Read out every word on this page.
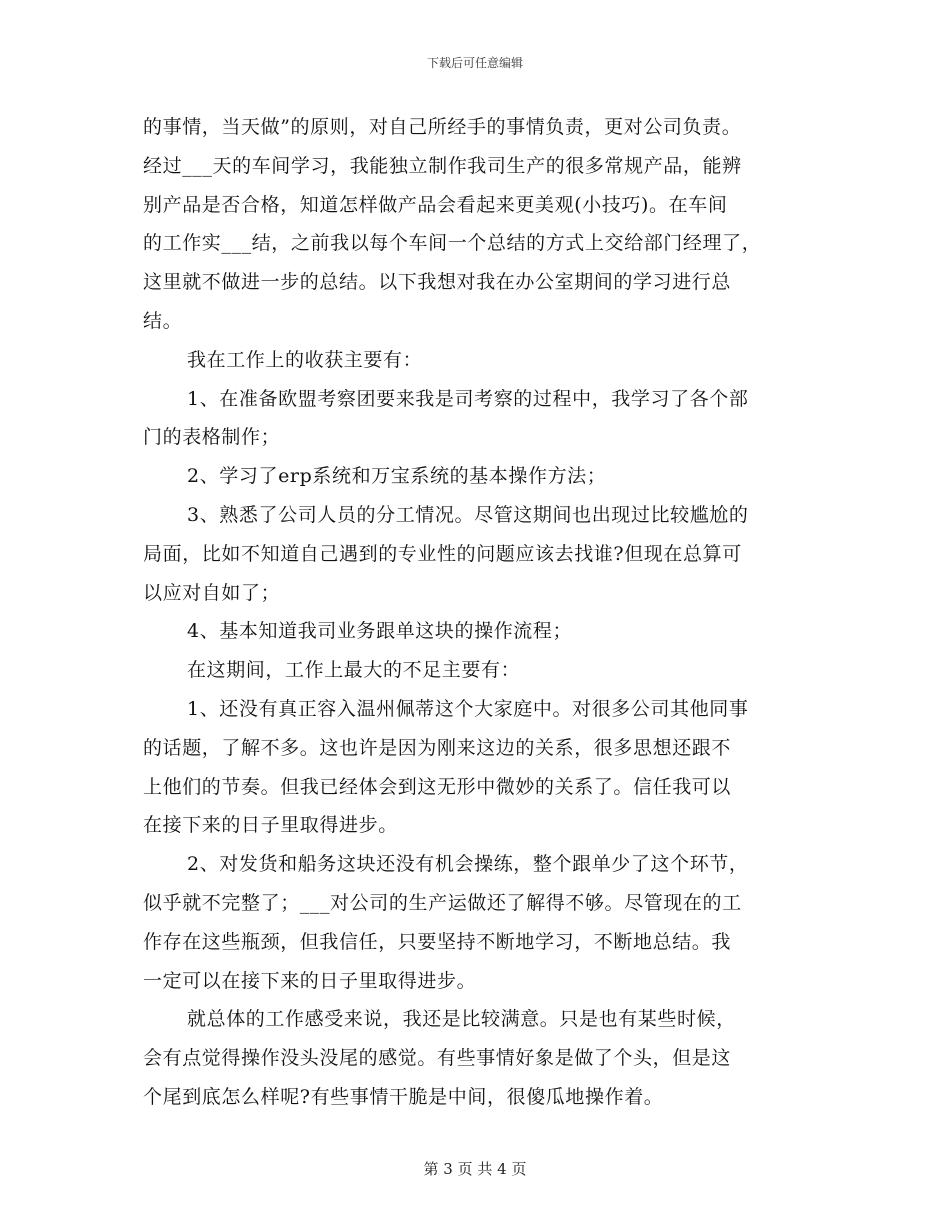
下载后可任意编辑
的事情，当天做”的原则，对自己所经手的事情负责，更对公司负责。
经过___天的车间学习，我能独立制作我司生产的很多常规产品，能辨
别产品是否合格，知道怎样做产品会看起来更美观(小技巧)。在车间
的工作实___结，之前我以每个车间一个总结的方式上交给部门经理了，
这里就不做进一步的总结。以下我想对我在办公室期间的学习进行总
结。
我在工作上的收获主要有：
1、在准备欧盟考察团要来我是司考察的过程中，我学习了各个部
门的表格制作；
2、学习了erp系统和万宝系统的基本操作方法；
3、熟悉了公司人员的分工情况。尽管这期间也出现过比较尴尬的
局面，比如不知道自己遇到的专业性的问题应该去找谁?但现在总算可
以应对自如了；
4、基本知道我司业务跟单这块的操作流程；
在这期间，工作上最大的不足主要有：
1、还没有真正容入温州佩蒂这个大家庭中。对很多公司其他同事
的话题，了解不多。这也许是因为刚来这边的关系，很多思想还跟不
上他们的节奏。但我已经体会到这无形中微妙的关系了。信任我可以
在接下来的日子里取得进步。
2、对发货和船务这块还没有机会操练，整个跟单少了这个环节，
似乎就不完整了；___对公司的生产运做还了解得不够。尽管现在的工
作存在这些瓶颈，但我信任，只要坚持不断地学习，不断地总结。我
一定可以在接下来的日子里取得进步。
就总体的工作感受来说，我还是比较满意。只是也有某些时候，
会有点觉得操作没头没尾的感觉。有些事情好象是做了个头，但是这
个尾到底怎么样呢?有些事情干脆是中间，很傻瓜地操作着。
第 3 页 共 4 页
